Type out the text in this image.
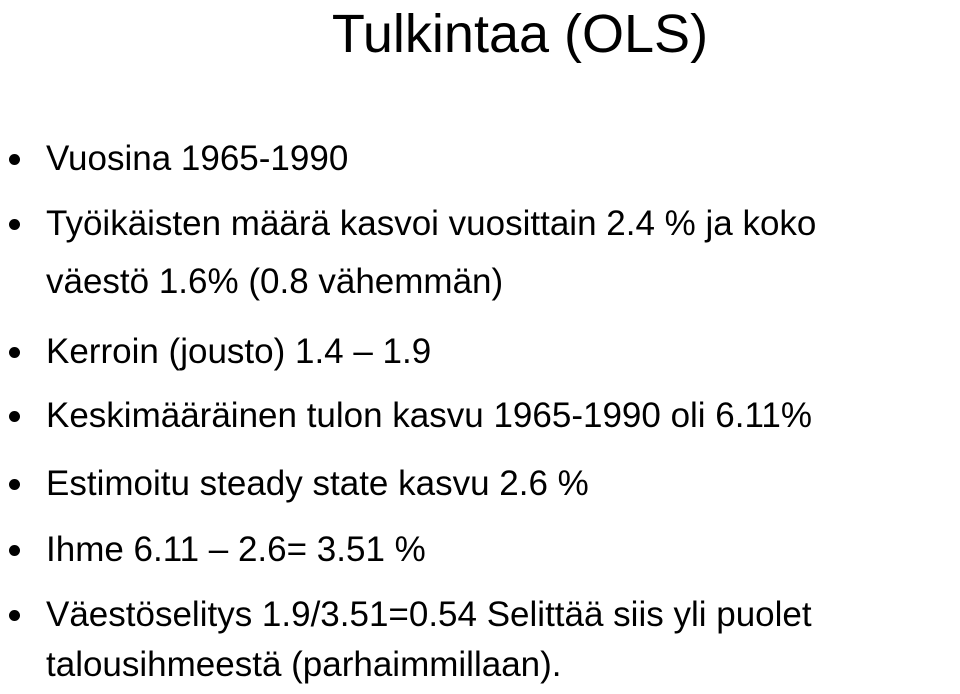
Tulkintaa (OLS)
Vuosina 1965-1990
Työikäisten määrä kasvoi vuosittain 2.4 % ja koko
väestö 1.6% (0.8 vähemmän)
Kerroin (jousto) 1.4 – 1.9
Keskimääräinen tulon kasvu 1965-1990 oli 6.11%
Estimoitu steady state kasvu 2.6 %
Ihme 6.11 – 2.6= 3.51 %
Väestöselitys 1.9/3.51=0.54 Selittää siis yli puolet
talousihmeestä (parhaimmillaan).
